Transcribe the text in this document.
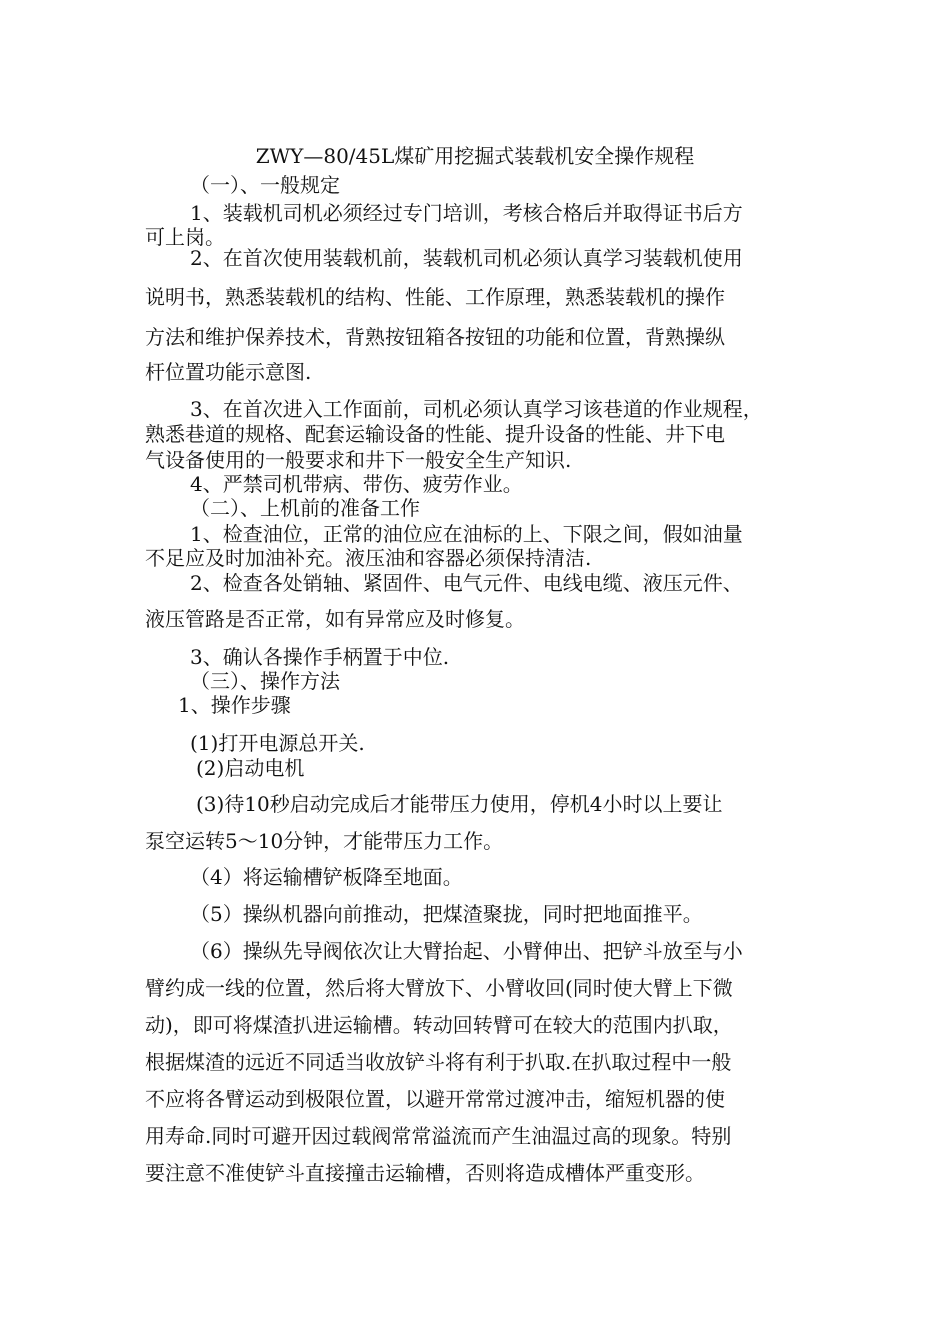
ZWY—80/45L煤矿用挖掘式装载机安全操作规程
（一）、一般规定
1、装载机司机必须经过专门培训，考核合格后并取得证书后方
可上岗。
2、在首次使用装载机前，装载机司机必须认真学习装载机使用
说明书，熟悉装载机的结构、性能、工作原理，熟悉装载机的操作
方法和维护保养技术，背熟按钮箱各按钮的功能和位置，背熟操纵
杆位置功能示意图.
3、在首次进入工作面前，司机必须认真学习该巷道的作业规程，
熟悉巷道的规格、配套运输设备的性能、提升设备的性能、井下电
气设备使用的一般要求和井下一般安全生产知识.
4、严禁司机带病、带伤、疲劳作业。
（二）、上机前的准备工作
1、检查油位，正常的油位应在油标的上、下限之间，假如油量
不足应及时加油补充。液压油和容器必须保持清洁.
2、检查各处销轴、紧固件、电气元件、电线电缆、液压元件、
液压管路是否正常，如有异常应及时修复。
3、确认各操作手柄置于中位.
（三）、操作方法
1、操作步骤
(1)打开电源总开关.
(2)启动电机
(3)待10秒启动完成后才能带压力使用，停机4小时以上要让
泵空运转5～10分钟，才能带压力工作。
（4）将运输槽铲板降至地面。
（5）操纵机器向前推动，把煤渣聚拢，同时把地面推平。
（6）操纵先导阀依次让大臂抬起、小臂伸出、把铲斗放至与小
臂约成一线的位置，然后将大臂放下、小臂收回(同时使大臂上下微
动)，即可将煤渣扒进运输槽。转动回转臂可在较大的范围内扒取，
根据煤渣的远近不同适当收放铲斗将有利于扒取.在扒取过程中一般
不应将各臂运动到极限位置，以避开常常过渡冲击，缩短机器的使
用寿命.同时可避开因过载阀常常溢流而产生油温过高的现象。特别
要注意不准使铲斗直接撞击运输槽，否则将造成槽体严重变形。
